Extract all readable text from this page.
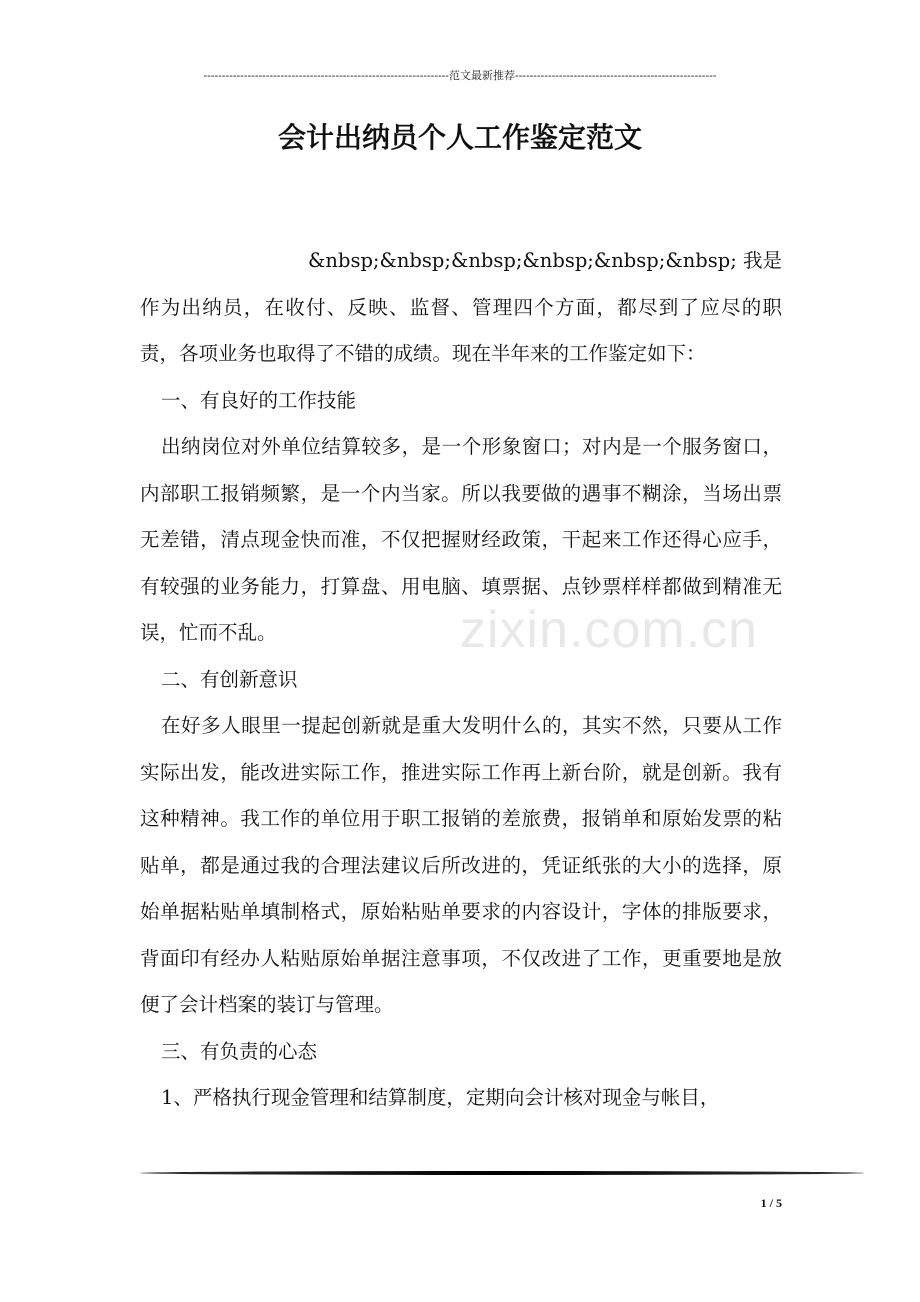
-------------------------------------------------------------------范文最新推荐-------------------------------------------------------
会计出纳员个人工作鉴定范文

&nbsp;&nbsp;&nbsp;&nbsp;&nbsp;&nbsp; 我是

作为出纳员，在收付、反映、监督、管理四个方面，都尽到了应尽的职责，各项业务也取得了不错的成绩。现在半年来的工作鉴定如下：

一、有良好的工作技能

出纳岗位对外单位结算较多，是一个形象窗口；对内是一个服务窗口，内部职工报销频繁，是一个内当家。所以我要做的遇事不糊涂，当场出票无差错，清点现金快而准，不仅把握财经政策，干起来工作还得心应手，有较强的业务能力，打算盘、用电脑、填票据、点钞票样样都做到精准无误，忙而不乱。

二、有创新意识

在好多人眼里一提起创新就是重大发明什么的，其实不然，只要从工作实际出发，能改进实际工作，推进实际工作再上新台阶，就是创新。我有这种精神。我工作的单位用于职工报销的差旅费，报销单和原始发票的粘贴单，都是通过我的合理法建议后所改进的，凭证纸张的大小的选择，原始单据粘贴单填制格式，原始粘贴单要求的内容设计，字体的排版要求，背面印有经办人粘贴原始单据注意事项，不仅改进了工作，更重要地是放便了会计档案的装订与管理。

三、有负责的心态

1、严格执行现金管理和结算制度，定期向会计核对现金与帐目，

zixin.com.cn
1 / 5
